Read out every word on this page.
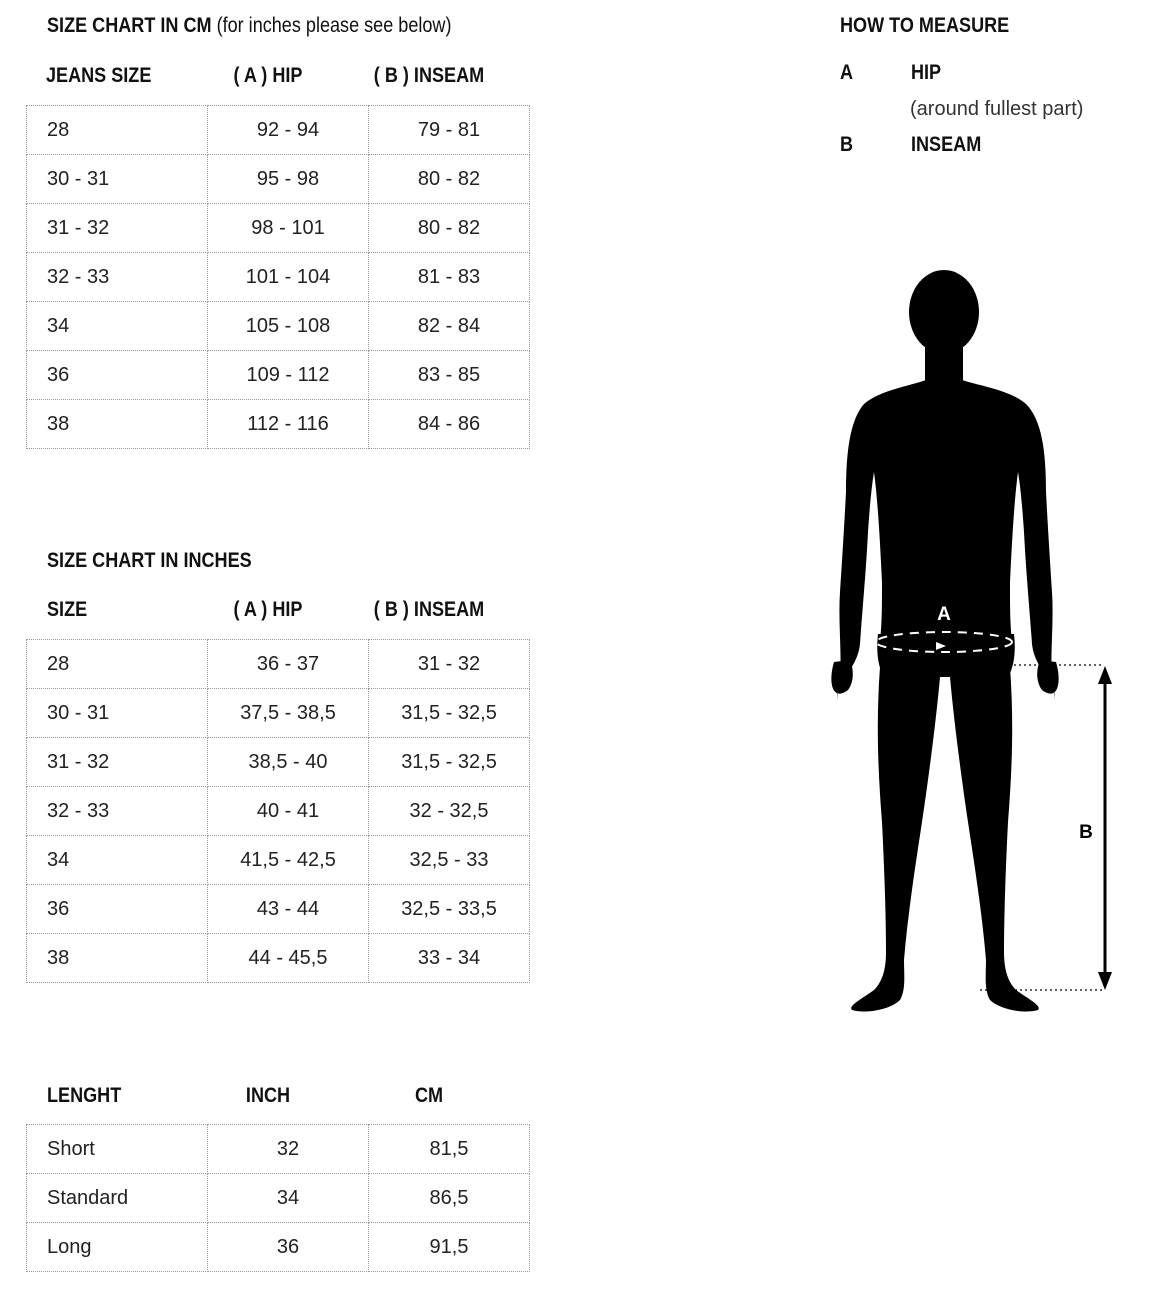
SIZE CHART IN CM (for inches please see below)
JEANS SIZE	( A ) HIP	( B ) INSEAM
28	92 - 94	79 - 81
30 - 31	95 - 98	80 - 82
31 - 32	98 - 101	80 - 82
32 - 33	101 - 104	81 - 83
34	105 - 108	82 - 84
36	109 - 112	83 - 85
38	112 - 116	84 - 86
SIZE CHART IN INCHES
SIZE	( A ) HIP	( B ) INSEAM
28	36 - 37	31 - 32
30 - 31	37,5 - 38,5	31,5 - 32,5
31 - 32	38,5 - 40	31,5 - 32,5
32 - 33	40 - 41	32 - 32,5
34	41,5 - 42,5	32,5 - 33
36	43 - 44	32,5 - 33,5
38	44 - 45,5	33 - 34
LENGHT	INCH	CM
Short	32	81,5
Standard	34	86,5
Long	36	91,5
HOW TO MEASURE
A	HIP
(around fullest part)
B	INSEAM
A
B
